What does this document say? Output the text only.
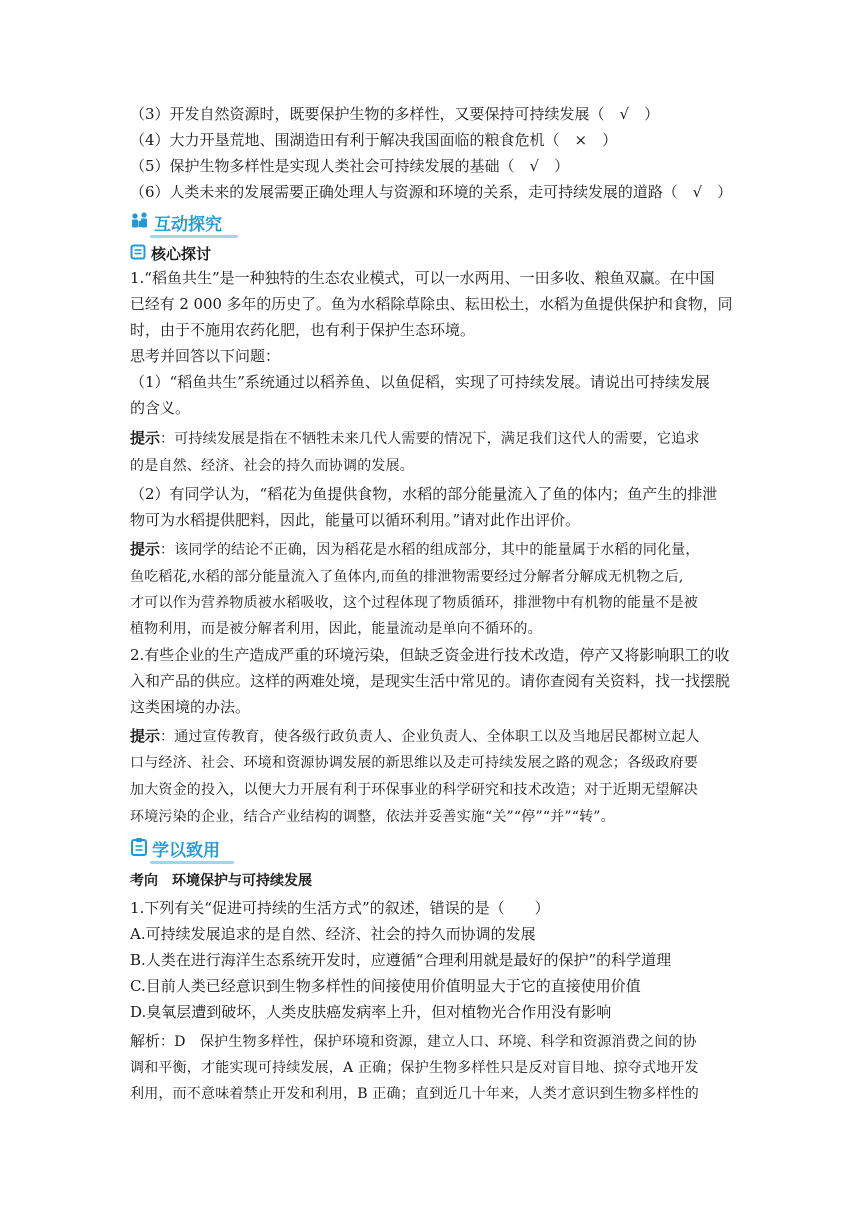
（3）开发自然资源时，既要保护生物的多样性，又要保持可持续发展（　√　）
（4）大力开垦荒地、围湖造田有利于解决我国面临的粮食危机（　×　）
（5）保护生物多样性是实现人类社会可持续发展的基础（　√　）
（6）人类未来的发展需要正确处理人与资源和环境的关系，走可持续发展的道路（　√　）
互动探究
核心探讨
1.“稻鱼共生”是一种独特的生态农业模式，可以一水两用、一田多收、粮鱼双赢。在中国
已经有 2 000 多年的历史了。鱼为水稻除草除虫、耘田松土，水稻为鱼提供保护和食物，同
时，由于不施用农药化肥，也有利于保护生态环境。
思考并回答以下问题：
（1）“稻鱼共生”系统通过以稻养鱼、以鱼促稻，实现了可持续发展。请说出可持续发展
的含义。
提示：可持续发展是指在不牺牲未来几代人需要的情况下，满足我们这代人的需要，它追求
的是自然、经济、社会的持久而协调的发展。
（2）有同学认为，“稻花为鱼提供食物，水稻的部分能量流入了鱼的体内；鱼产生的排泄
物可为水稻提供肥料，因此，能量可以循环利用。”请对此作出评价。
提示：该同学的结论不正确，因为稻花是水稻的组成部分，其中的能量属于水稻的同化量，
鱼吃稻花,水稻的部分能量流入了鱼体内,而鱼的排泄物需要经过分解者分解成无机物之后,
才可以作为营养物质被水稻吸收，这个过程体现了物质循环，排泄物中有机物的能量不是被
植物利用，而是被分解者利用，因此，能量流动是单向不循环的。
2.有些企业的生产造成严重的环境污染，但缺乏资金进行技术改造，停产又将影响职工的收
入和产品的供应。这样的两难处境，是现实生活中常见的。请你查阅有关资料，找一找摆脱
这类困境的办法。
提示：通过宣传教育，使各级行政负责人、企业负责人、全体职工以及当地居民都树立起人
口与经济、社会、环境和资源协调发展的新思维以及走可持续发展之路的观念；各级政府要
加大资金的投入，以便大力开展有利于环保事业的科学研究和技术改造；对于近期无望解决
环境污染的企业，结合产业结构的调整，依法并妥善实施“关”“停”“并”“转”。
学以致用
考向　环境保护与可持续发展
1.下列有关“促进可持续的生活方式”的叙述，错误的是（　　）
A.可持续发展追求的是自然、经济、社会的持久而协调的发展
B.人类在进行海洋生态系统开发时，应遵循“合理利用就是最好的保护”的科学道理
C.目前人类已经意识到生物多样性的间接使用价值明显大于它的直接使用价值
D.臭氧层遭到破坏，人类皮肤癌发病率上升，但对植物光合作用没有影响
解析：D　保护生物多样性，保护环境和资源，建立人口、环境、科学和资源消费之间的协
调和平衡，才能实现可持续发展，A 正确；保护生物多样性只是反对盲目地、掠夺式地开发
利用，而不意味着禁止开发和利用，B 正确；直到近几十年来，人类才意识到生物多样性的
